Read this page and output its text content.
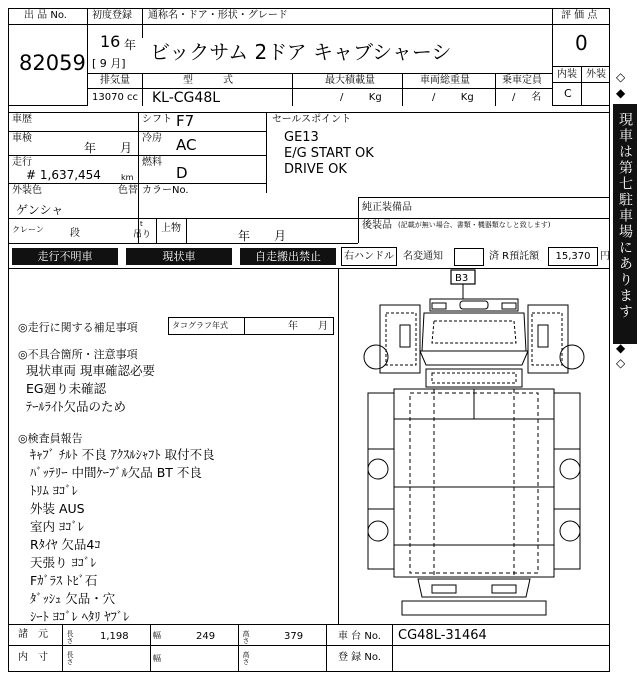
出 品 No.
82059
初度登録 通称名・ドア・形状・グレード
16 年
[ 9 月] ビックサム 2ドア キャブシャーシ
評 価 点
0
内装 外装
C
排気量	型　　　式	最大積載量	車両総重量	乗車定員
13070 cc KL-CG48L	/        Kg	/        Kg	/     名
車歴	シフト F7
車検
年　　月
冷房 AC
走行
# 1,637,454	km
燃料
D
外装色
ゲンシャ
色替 カラーNo.
クレーン	段
t
吊り
上物
年　　月
セールスポイント
GE13
E/G START OK
DRIVE OK
純正装備品
後装品 (記載が無い場合、書類・機器類なしと致します)
走行不明車	現状車	自走搬出禁止	右ハンドル 名変通知	済 R預託額	15,370 円
◎走行に関する補足事項	タコグラフ年式	年　　月
◎不具合箇所・注意事項
現状車両 現車確認必要
EG廻り未確認
ﾃｰﾙﾗｲﾄ欠品のため
◎検査員報告
ｷｬﾌﾞ ﾁﾙﾄ 不良 ｱｸｽﾙｼｬﾌﾄ 取付不良
ﾊﾞｯﾃﾘｰ 中間ｹｰﾌﾞﾙ欠品 BT 不良
ﾄﾘﾑ ﾖｺﾞﾚ
外装 AUS
室内 ﾖｺﾞﾚ
Rﾀｲﾔ 欠品4ｺ
天張り ﾖｺﾞﾚ
Fｶﾞﾗｽ ﾄﾋﾞ石
ﾀﾞｯｼｭ 欠品・穴
ｼｰﾄ ﾖｺﾞﾚ ﾍﾀﾘ ﾔﾌﾞﾚ
B3
諸　元	長さ	1,198	幅	249	高さ	379
内　寸	長さ	幅	高さ
車 台 No. CG48L-31464
登 録 No.
◇
◆
現車は第七駐車場にあります
◆
◇
